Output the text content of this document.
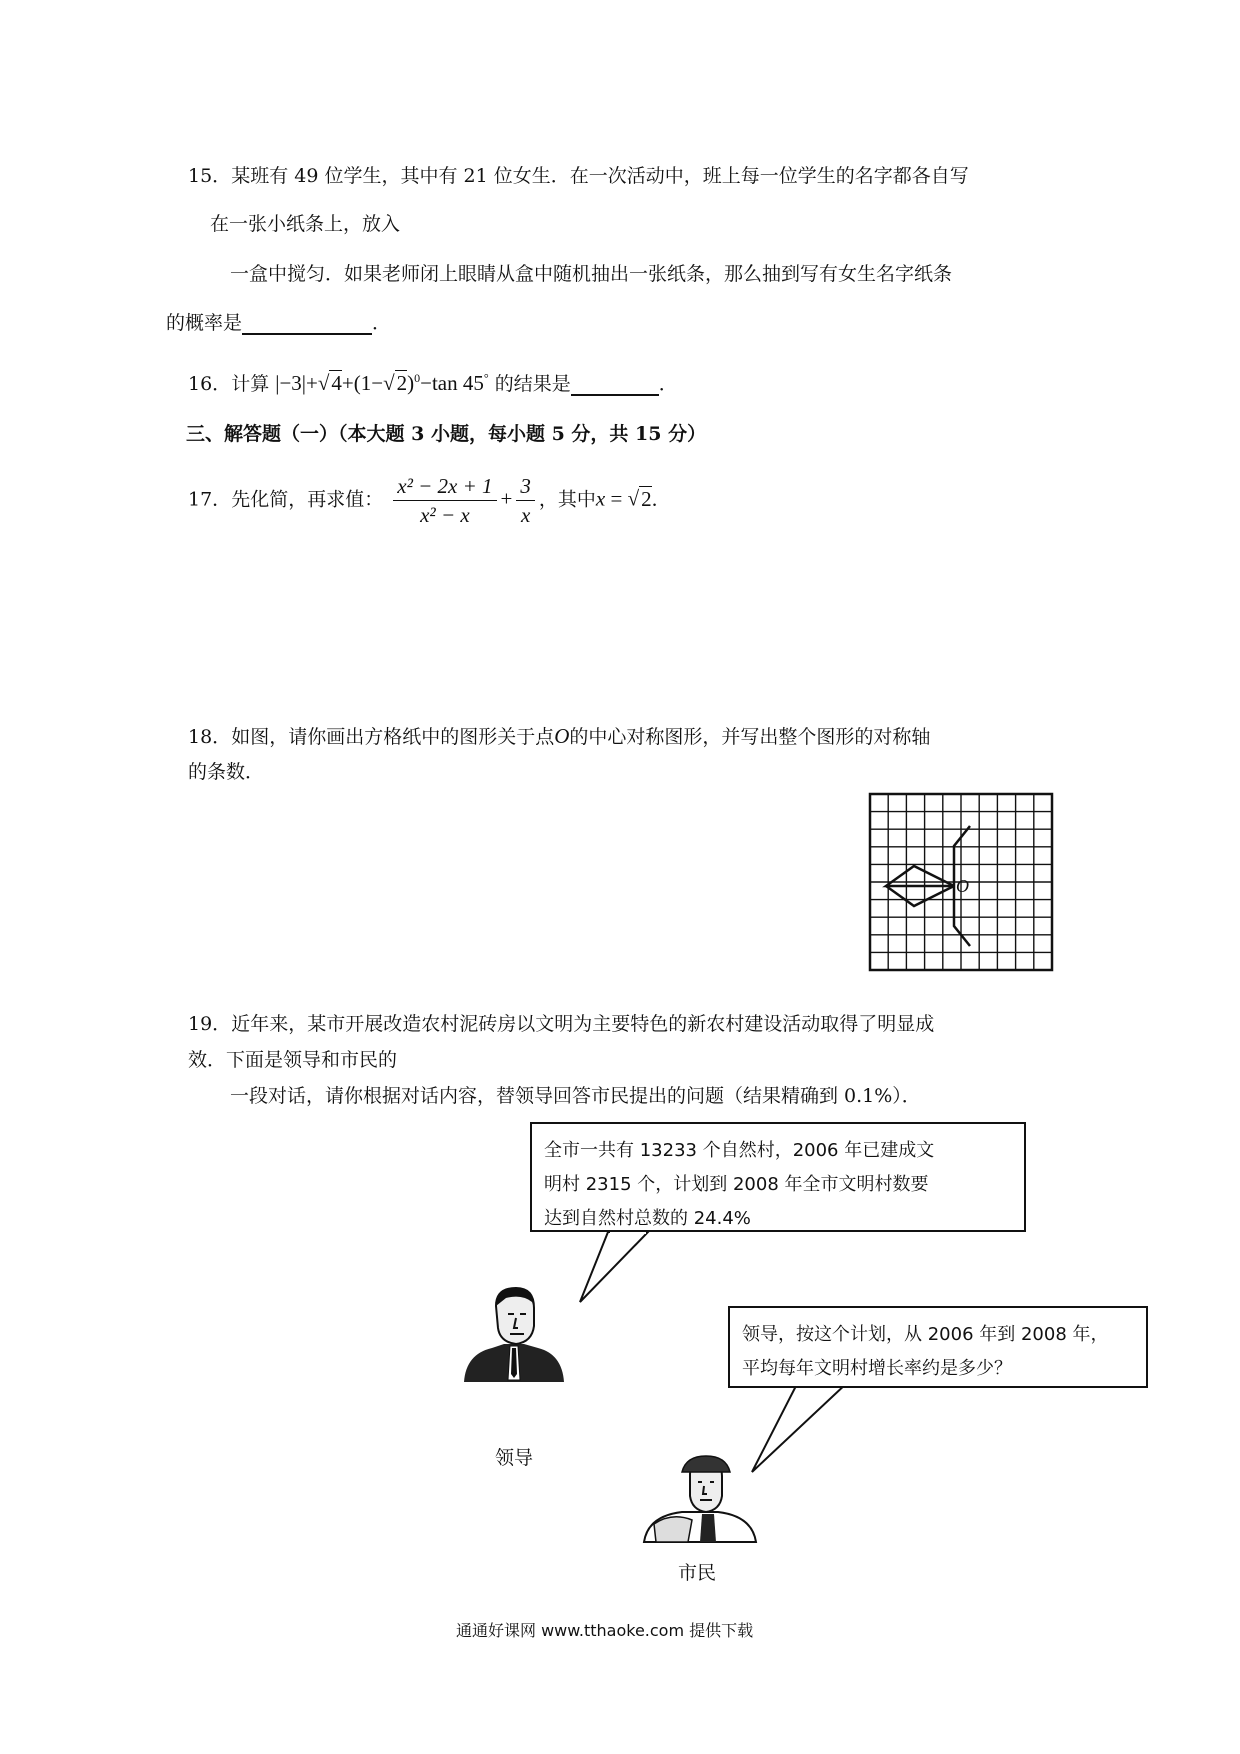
15．某班有 49 位学生，其中有 21 位女生．在一次活动中，班上每一位学生的名字都各自写
在一张小纸条上，放入
一盒中搅匀．如果老师闭上眼睛从盒中随机抽出一张纸条，那么抽到写有女生名字纸条
的概率是	．
16．计算 $|-3|+√4+(1-√2)^0-\tan$ 45° 的结果是	．
三、解答题（一）（本大题 3 小题，每小题 5 分，共 15 分）
17．先化简，再求值： $\frac{\text{x² − 2x + 1}}{\text{x² − x}} + \frac{3}{x}$ ，其中x = √2．
18．如图，请你画出方格纸中的图形关于点O的中心对称图形，并写出整个图形的对称轴
的条数．
O
19．近年来，某市开展改造农村泥砖房以文明为主要特色的新农村建设活动取得了明显成
效．下面是领导和市民的
一段对话，请你根据对话内容，替领导回答市民提出的问题（结果精确到 0.1%）．
全市一共有 13233 个自然村，2006 年已建成文
明村 2315 个，计划到 2008 年全市文明村数要
达到自然村总数的 24.4%
领导，按这个计划，从 2006 年到 2008 年，
平均每年文明村增长率约是多少？
领导
市民
通通好课网 www.tthaoke.com 提供下载
